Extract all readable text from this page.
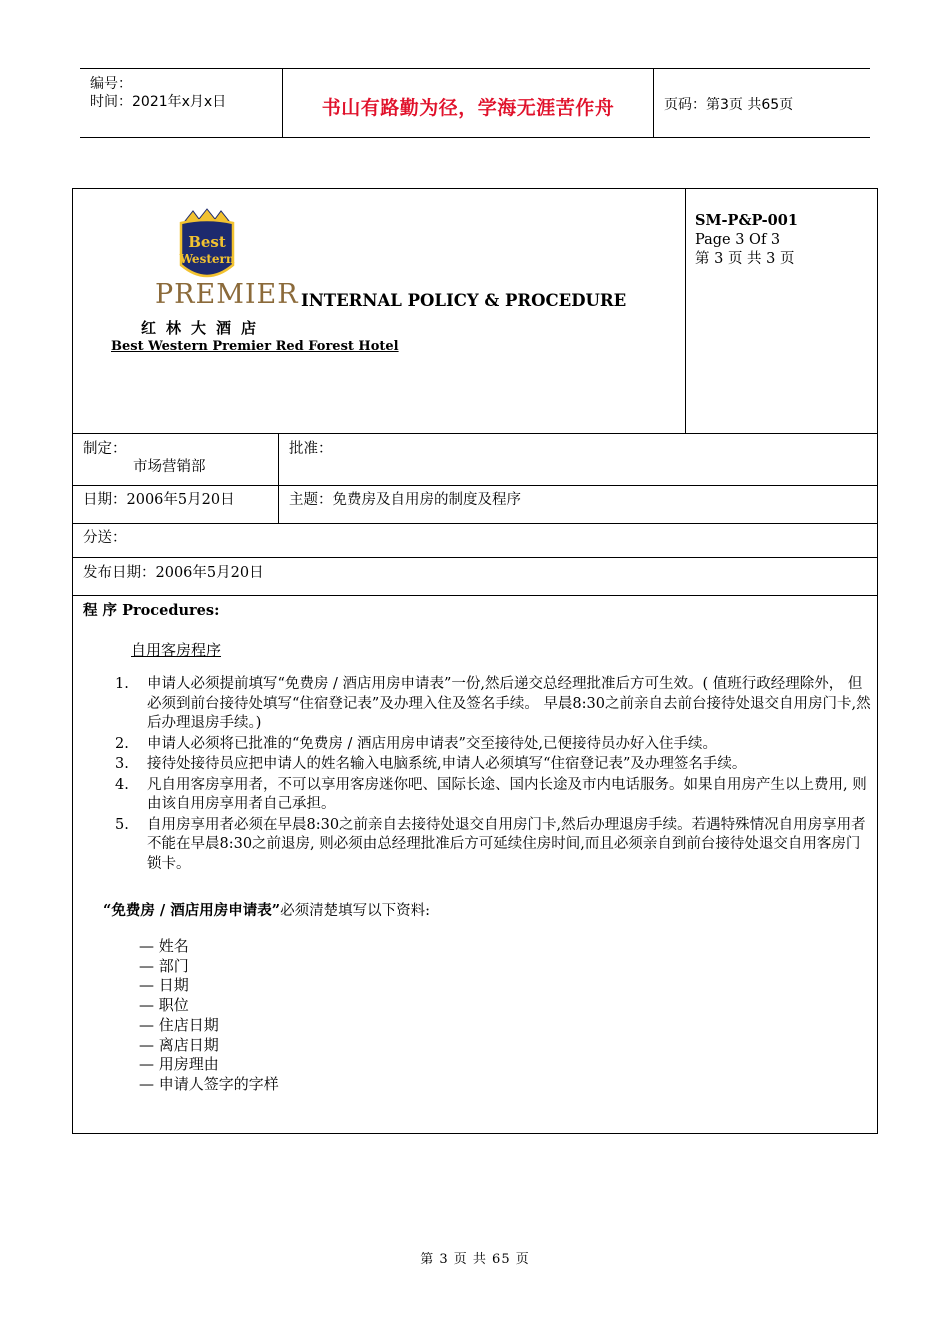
编号：
时间：2021年x月x日	书山有路勤为径，学海无涯苦作舟	页码：第3页 共65页
Best
Western
PREMIER
红林大酒店
Best Western Premier Red Forest Hotel
INTERNAL POLICY & PROCEDURE
SM-P&P-001
Page 3 Of 3
第 3 页 共 3 页
制定：
市场营销部
批准：
日期：2006年5月20日	主题：免费房及自用房的制度及程序
分送：
发布日期：2006年5月20日
程 序 Procedures:
自用客房程序
1. 申请人必须提前填写“免费房 / 酒店用房申请表”一份,然后递交总经理批准后方可生效。( 值班行政经理除外， 但必须到前台接待处填写“住宿登记表”及办理入住及签名手续。 早晨8:30之前亲自去前台接待处退交自用房门卡,然后办理退房手续。)
2. 申请人必须将已批准的“免费房 / 酒店用房申请表”交至接待处,已便接待员办好入住手续。
3. 接待处接待员应把申请人的姓名输入电脑系统,申请人必须填写“住宿登记表”及办理签名手续。
4. 凡自用客房享用者，不可以享用客房迷你吧、国际长途、国内长途及市内电话服务。如果自用房产生以上费用, 则由该自用房享用者自己承担。
5. 自用房享用者必须在早晨8:30之前亲自去接待处退交自用房门卡,然后办理退房手续。若遇特殊情况自用房享用者不能在早晨8:30之前退房, 则必须由总经理批准后方可延续住房时间,而且必须亲自到前台接待处退交自用客房门锁卡。
“免费房 / 酒店用房申请表”必须清楚填写以下资料:
— 姓名
— 部门
— 日期
— 职位
— 住店日期
— 离店日期
— 用房理由
— 申请人签字的字样
第 3 页 共 65 页
